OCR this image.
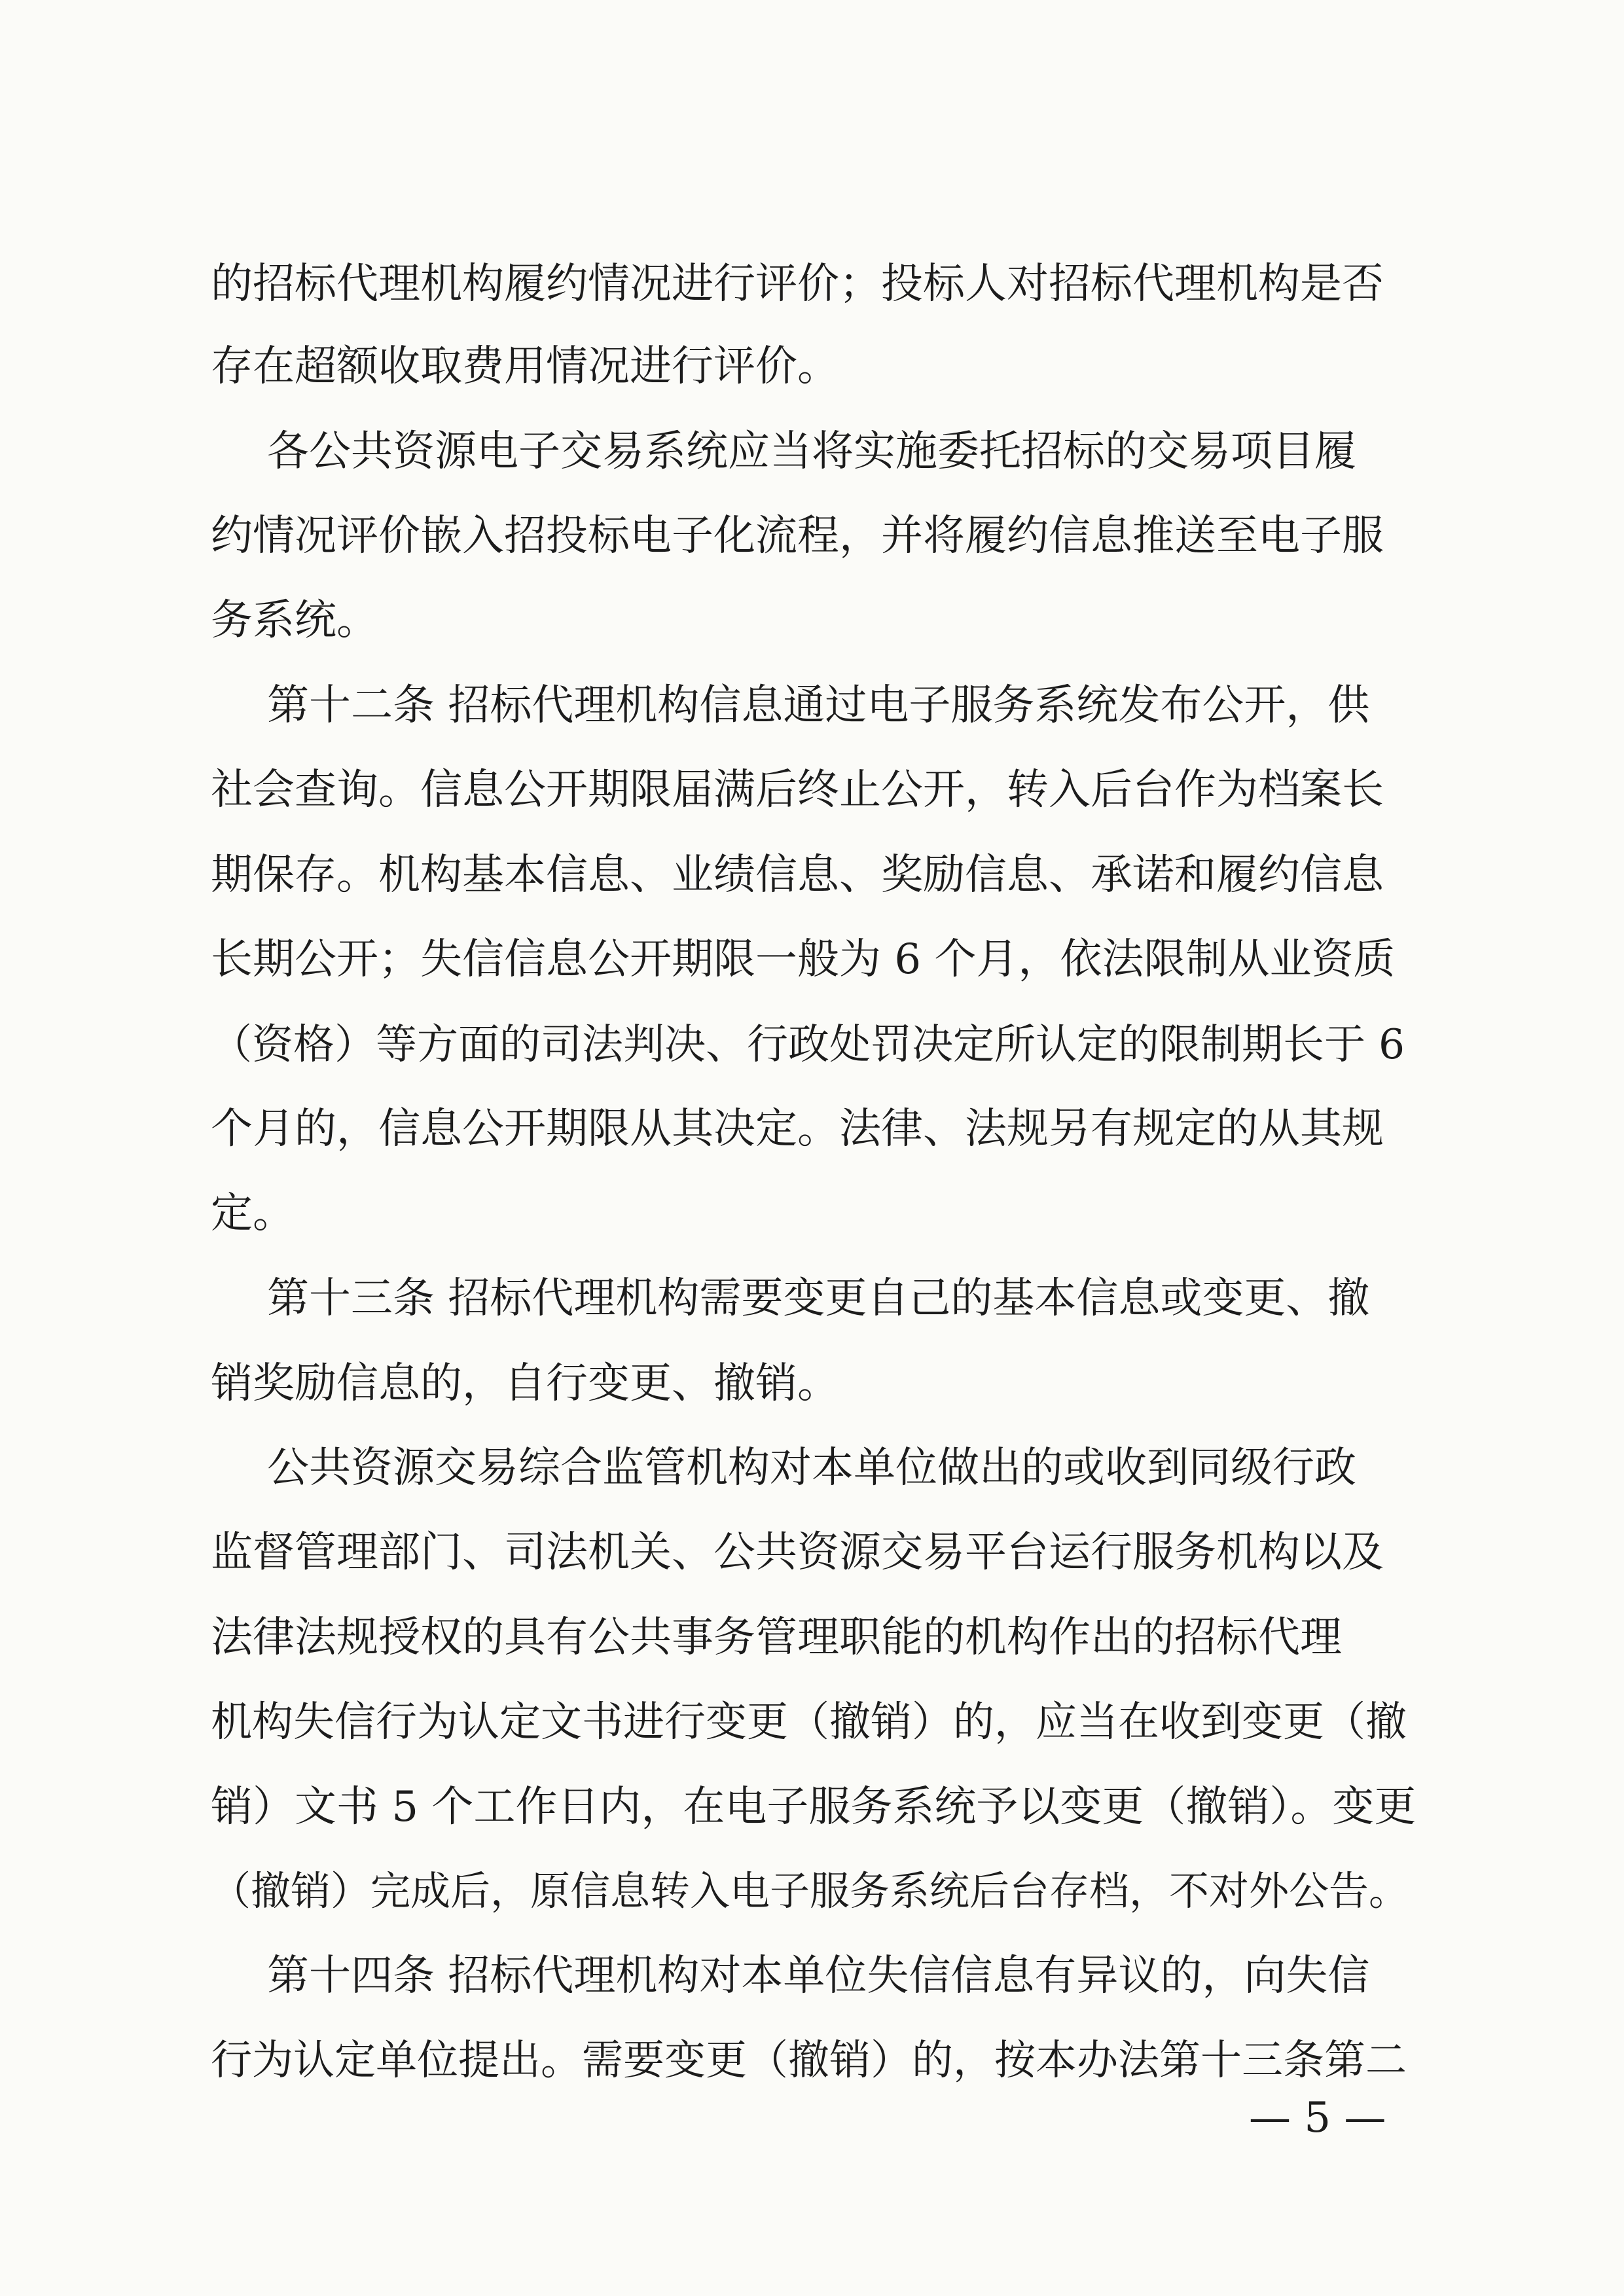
的招标代理机构履约情况进行评价；投标人对招标代理机构是否
存在超额收取费用情况进行评价。
各公共资源电子交易系统应当将实施委托招标的交易项目履
约情况评价嵌入招投标电子化流程，并将履约信息推送至电子服
务系统。
第十二条 招标代理机构信息通过电子服务系统发布公开，供
社会查询。信息公开期限届满后终止公开，转入后台作为档案长
期保存。机构基本信息、业绩信息、奖励信息、承诺和履约信息
长期公开；失信信息公开期限一般为 6 个月，依法限制从业资质
（资格）等方面的司法判决、行政处罚决定所认定的限制期长于 6
个月的，信息公开期限从其决定。法律、法规另有规定的从其规
定。
第十三条 招标代理机构需要变更自己的基本信息或变更、撤
销奖励信息的，自行变更、撤销。
公共资源交易综合监管机构对本单位做出的或收到同级行政
监督管理部门、司法机关、公共资源交易平台运行服务机构以及
法律法规授权的具有公共事务管理职能的机构作出的招标代理
机构失信行为认定文书进行变更（撤销）的，应当在收到变更（撤
销）文书 5 个工作日内，在电子服务系统予以变更（撤销）。变更
（撤销）完成后，原信息转入电子服务系统后台存档，不对外公告。
第十四条 招标代理机构对本单位失信信息有异议的，向失信
行为认定单位提出。需要变更（撤销）的，按本办法第十三条第二
— 5 —
